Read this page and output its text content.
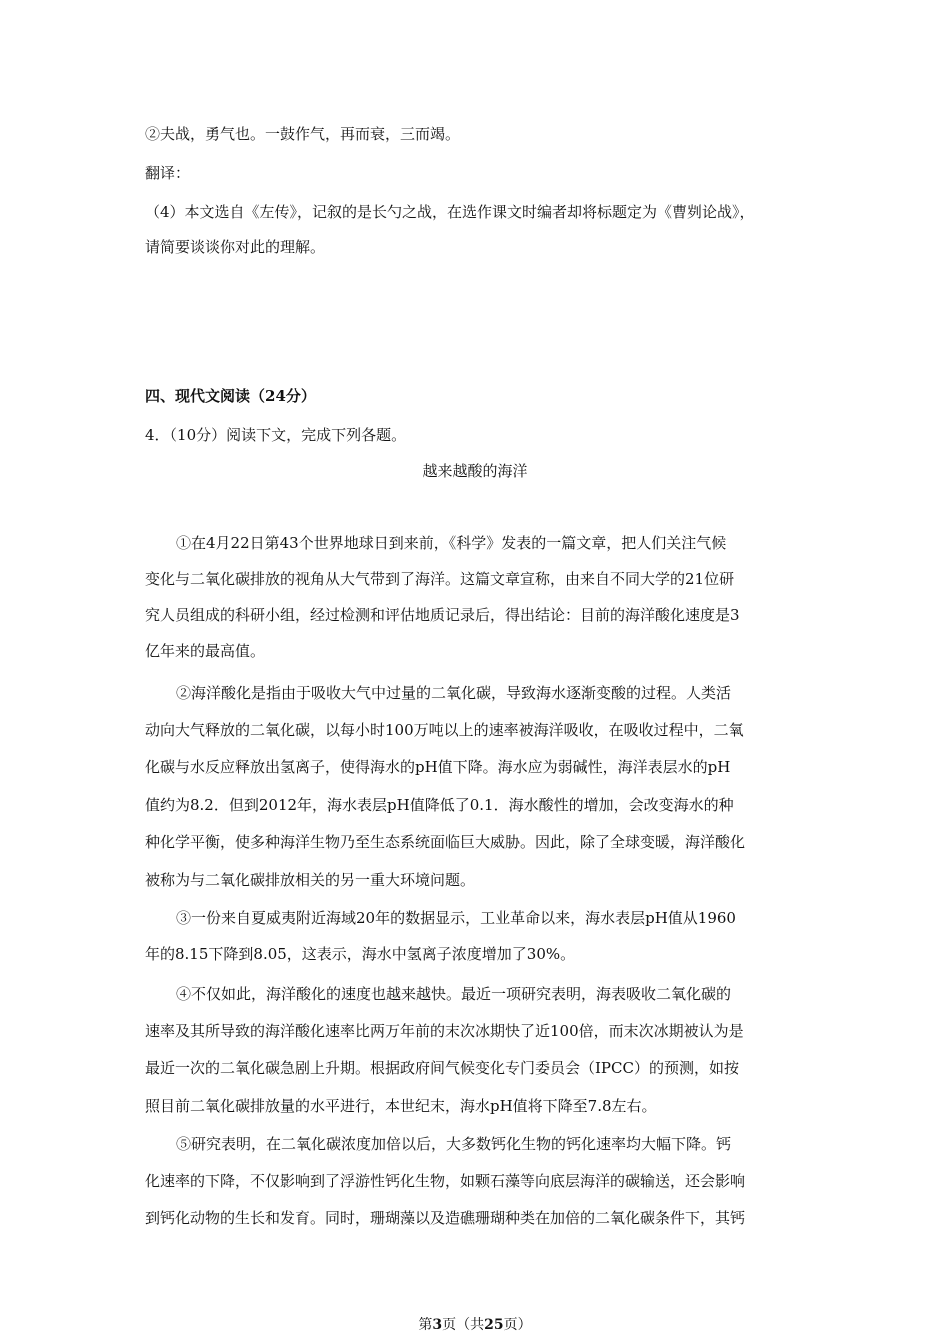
②夫战，勇气也。一鼓作气，再而衰，三而竭。
翻译：
（4）本文选自《左传》，记叙的是长勺之战，在选作课文时编者却将标题定为《曹刿论战》，
请简要谈谈你对此的理解。
四、现代文阅读（24分）
4．（10分）阅读下文，完成下列各题。
越来越酸的海洋
①在4月22日第43个世界地球日到来前，《科学》发表的一篇文章，把人们关注气候
变化与二氧化碳排放的视角从大气带到了海洋。这篇文章宣称，由来自不同大学的21位研
究人员组成的科研小组，经过检测和评估地质记录后，得出结论：目前的海洋酸化速度是3
亿年来的最高值。
②海洋酸化是指由于吸收大气中过量的二氧化碳，导致海水逐渐变酸的过程。人类活
动向大气释放的二氧化碳，以每小时100万吨以上的速率被海洋吸收，在吸收过程中，二氧
化碳与水反应释放出氢离子，使得海水的pH值下降。海水应为弱碱性，海洋表层水的pH
值约为8.2．但到2012年，海水表层pH值降低了0.1．海水酸性的增加，会改变海水的种
种化学平衡，使多种海洋生物乃至生态系统面临巨大威胁。因此，除了全球变暖，海洋酸化
被称为与二氧化碳排放相关的另一重大环境问题。
③一份来自夏威夷附近海域20年的数据显示，工业革命以来，海水表层pH值从1960
年的8.15下降到8.05，这表示，海水中氢离子浓度增加了30%。
④不仅如此，海洋酸化的速度也越来越快。最近一项研究表明，海表吸收二氧化碳的
速率及其所导致的海洋酸化速率比两万年前的末次冰期快了近100倍，而末次冰期被认为是
最近一次的二氧化碳急剧上升期。根据政府间气候变化专门委员会（IPCC）的预测，如按
照目前二氧化碳排放量的水平进行，本世纪末，海水pH值将下降至7.8左右。
⑤研究表明，在二氧化碳浓度加倍以后，大多数钙化生物的钙化速率均大幅下降。钙
化速率的下降，不仅影响到了浮游性钙化生物，如颗石藻等向底层海洋的碳输送，还会影响
到钙化动物的生长和发育。同时，珊瑚藻以及造礁珊瑚种类在加倍的二氧化碳条件下，其钙
第3页（共25页）
